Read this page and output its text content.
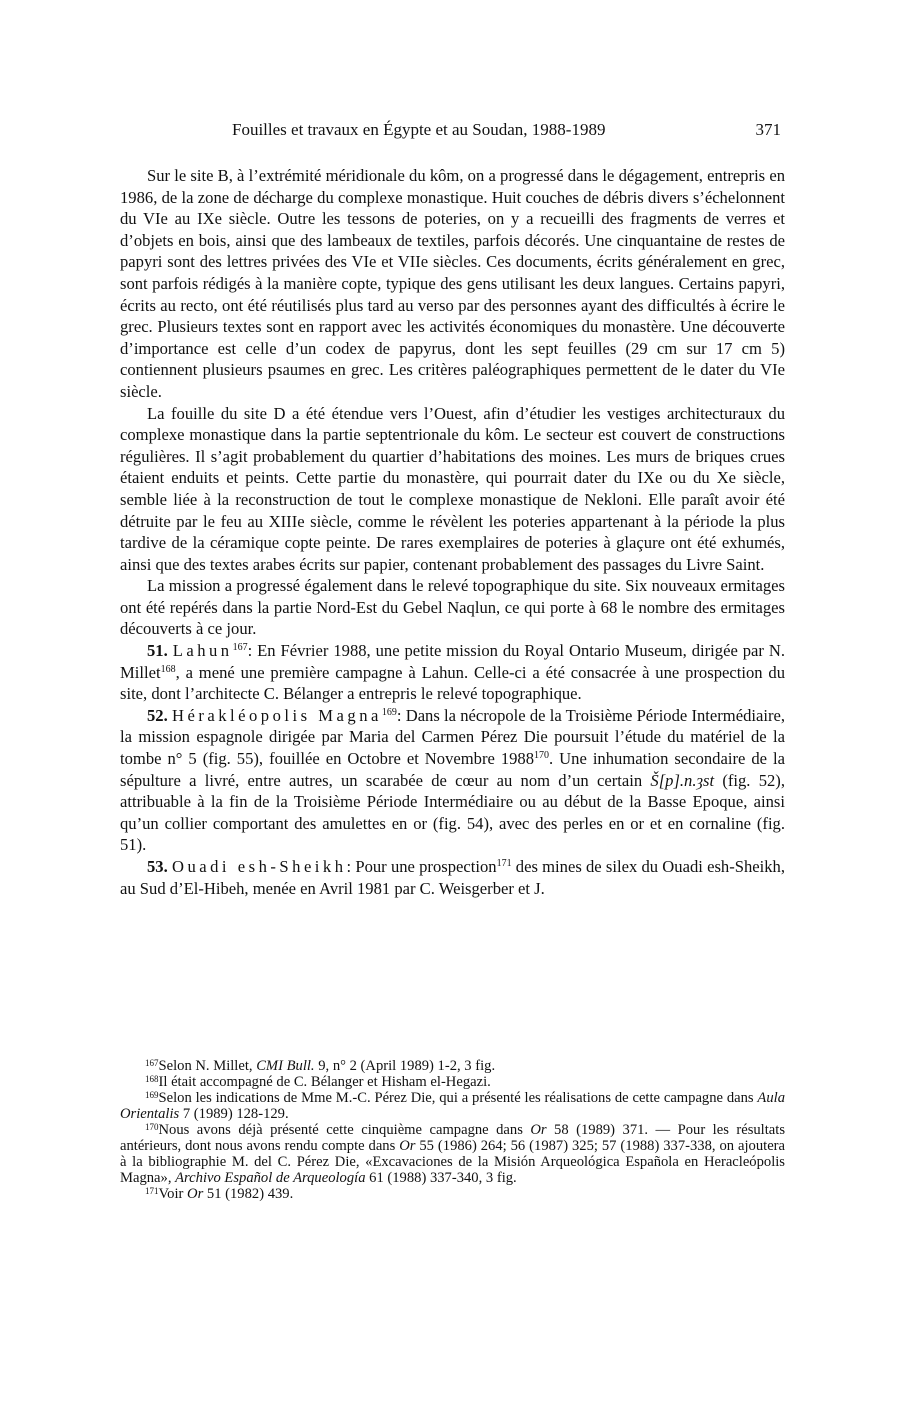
Fouilles et travaux en Égypte et au Soudan, 1988-1989	371

Sur le site B, à l’extrémité méridionale du kôm, on a progressé dans le dégagement, entrepris en 1986, de la zone de décharge du complexe monastique. Huit couches de débris divers s’échelonnent du VIe au IXe siècle. Outre les tessons de poteries, on y a recueilli des fragments de verres et d’objets en bois, ainsi que des lambeaux de textiles, parfois décorés. Une cinquantaine de restes de papyri sont des lettres privées des VIe et VIIe siècles. Ces documents, écrits généralement en grec, sont parfois rédigés à la manière copte, typique des gens utilisant les deux langues. Certains papyri, écrits au recto, ont été réutilisés plus tard au verso par des personnes ayant des difficultés à écrire le grec. Plusieurs textes sont en rapport avec les activités économiques du monastère. Une découverte d’importance est celle d’un codex de papyrus, dont les sept feuilles (29 cm sur 17 cm 5) contiennent plusieurs psaumes en grec. Les critères paléographiques permettent de le dater du VIe siècle.

La fouille du site D a été étendue vers l’Ouest, afin d’étudier les vestiges architecturaux du complexe monastique dans la partie septentrionale du kôm. Le secteur est couvert de constructions régulières. Il s’agit probablement du quartier d’habitations des moines. Les murs de briques crues étaient enduits et peints. Cette partie du monastère, qui pourrait dater du IXe ou du Xe siècle, semble liée à la reconstruction de tout le complexe monastique de Nekloni. Elle paraît avoir été détruite par le feu au XIIIe siècle, comme le révèlent les poteries appartenant à la période la plus tardive de la céramique copte peinte. De rares exemplaires de poteries à glaçure ont été exhumés, ainsi que des textes arabes écrits sur papier, contenant probablement des passages du Livre Saint.

La mission a progressé également dans le relevé topographique du site. Six nouveaux ermitages ont été repérés dans la partie Nord-Est du Gebel Naqlun, ce qui porte à 68 le nombre des ermitages découverts à ce jour.

51. Lahun$^{167}$: En Février 1988, une petite mission du Royal Ontario Museum, dirigée par N. Millet$^{168}$, a mené une première campagne à Lahun. Celle-ci a été consacrée à une prospection du site, dont l’architecte C. Bélanger a entrepris le relevé topographique.

52. Hérakléopolis Magna$^{169}$: Dans la nécropole de la Troisième Période Intermédiaire, la mission espagnole dirigée par Maria del Carmen Pérez Die poursuit l’étude du matériel de la tombe n° 5 (fig. 55), fouillée en Octobre et Novembre 1988$^{170}$. Une inhumation secondaire de la sépulture a livré, entre autres, un scarabée de cœur au nom d’un certain Š[p].n.ȝst (fig. 52), attribuable à la fin de la Troisième Période Intermédiaire ou au début de la Basse Epoque, ainsi qu’un collier comportant des amulettes en or (fig. 54), avec des perles en or et en cornaline (fig. 51).

53. Ouadi esh-Sheikh: Pour une prospection$^{171}$ des mines de silex du Ouadi esh-Sheikh, au Sud d’El-Hibeh, menée en Avril 1981 par C. Weisgerber et J.

$^{167}$Selon N. Millet, CMI Bull. 9, n° 2 (April 1989) 1-2, 3 fig.

$^{168}$Il était accompagné de C. Bélanger et Hisham el-Hegazi.

$^{169}$Selon les indications de Mme M.-C. Pérez Die, qui a présenté les réalisations de cette campagne dans Aula Orientalis 7 (1989) 128-129.

$^{170}$Nous avons déjà présenté cette cinquième campagne dans Or 58 (1989) 371. — Pour les résultats antérieurs, dont nous avons rendu compte dans Or 55 (1986) 264; 56 (1987) 325; 57 (1988) 337-338, on ajoutera à la bibliographie M. del C. Pérez Die, «Excavaciones de la Misión Arqueológica Española en Heracleópolis Magna», Archivo Español de Arqueología 61 (1988) 337-340, 3 fig.

$^{171}$Voir Or 51 (1982) 439.
